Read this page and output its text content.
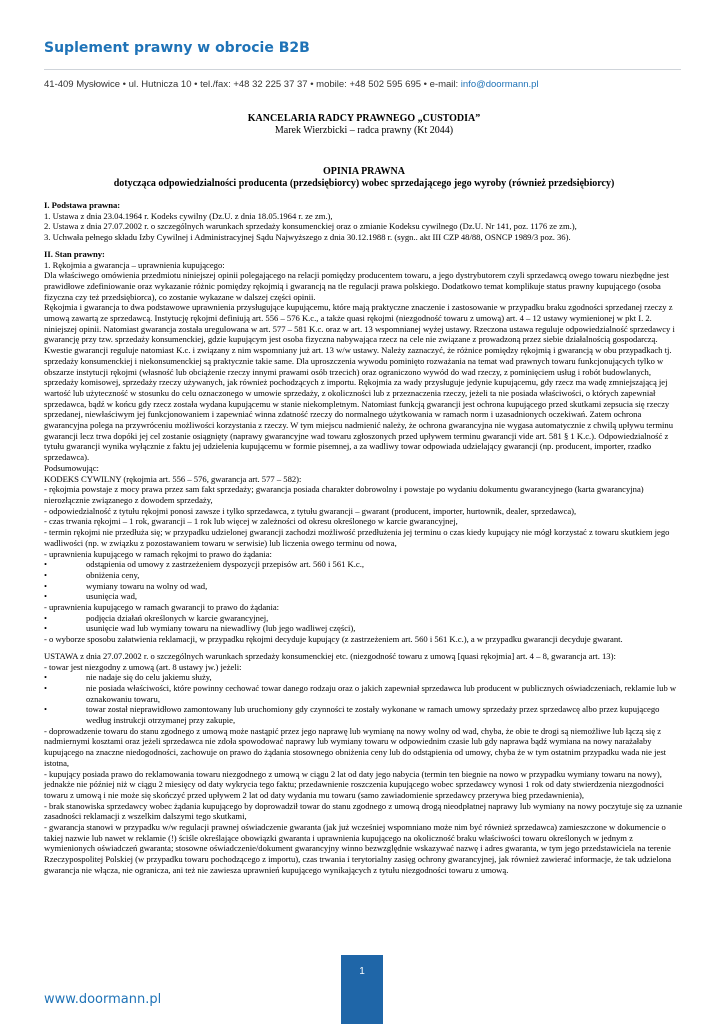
Suplement prawny w obrocie B2B
41-409 Mysłowice • ul. Hutnicza 10 • tel./fax: +48 32 225 37 37 • mobile: +48 502 595 695 • e-mail: info@doormann.pl
KANCELARIA RADCY PRAWNEGO „CUSTODIA”
Marek Wierzbicki – radca prawny (Kt 2044)
OPINIA PRAWNA
dotycząca odpowiedzialności producenta (przedsiębiorcy) wobec sprzedającego jego wyroby (również przedsiębiorcy)
I. Podstawa prawna:
1. Ustawa z dnia 23.04.1964 r. Kodeks cywilny (Dz.U. z dnia 18.05.1964 r. ze zm.),
2. Ustawa z dnia 27.07.2002 r. o szczególnych warunkach sprzedaży konsumenckiej oraz o zmianie Kodeksu cywilnego (Dz.U. Nr 141, poz. 1176 ze zm.),
3. Uchwała pełnego składu Izby Cywilnej i Administracyjnej Sądu Najwyższego z dnia 30.12.1988 r. (sygn.. akt III CZP 48/88, OSNCP 1989/3 poz. 36).
II. Stan prawny:
1. Rękojmia a gwarancja – uprawnienia kupującego:
Dla właściwego omówienia przedmiotu niniejszej opinii polegającego na relacji pomiędzy producentem towaru, a jego dystrybutorem czyli sprzedawcą owego towaru niezbędne jest prawidłowe zdefiniowanie oraz wykazanie różnic pomiędzy rękojmią i gwarancją na tle regulacji prawa polskiego. Dodatkowo temat komplikuje status prawny kupującego (osoba fizyczna czy też przedsiębiorca), co zostanie wykazane w dalszej części opinii.
Rękojmia i gwarancja to dwa podstawowe uprawnienia przysługujące kupującemu, które mają praktyczne znaczenie i zastosowanie w przypadku braku zgodności sprzedanej rzeczy z umową zawartą ze sprzedawcą. Instytucję rękojmi definiują art. 556 – 576 K.c., a także quasi rękojmi (niezgodność towaru z umową) art. 4 – 12 ustawy wymienionej w pkt I. 2. niniejszej opinii. Natomiast gwarancja została uregulowana w art. 577 – 581 K.c. oraz w art. 13 wspomnianej wyżej ustawy. Rzeczona ustawa reguluje odpowiedzialność sprzedawcy i gwarancję przy tzw. sprzedaży konsumenckiej, gdzie kupującym jest osoba fizyczna nabywająca rzecz na cele nie związane z prowadzoną przez siebie działalnością gospodarczą. Kwestie gwarancji reguluje natomiast K.c. i związany z nim wspomniany już art. 13 w/w ustawy. Należy zaznaczyć, że różnice pomiędzy rękojmią i gwarancją w obu przypadkach tj. sprzedaży konsumenckiej i niekonsumenckiej są praktycznie takie same. Dla uproszczenia wywodu pominięto rozważania na temat wad prawnych towaru funkcjonujących tylko w obszarze instytucji rękojmi (własność lub obciążenie rzeczy innymi prawami osób trzecich) oraz ograniczono wywód do wad rzeczy, z pominięciem usług i robót budowlanych, sprzedaży komisowej, sprzedaży rzeczy używanych, jak również pochodzących z importu. Rękojmia za wady przysługuje jedynie kupującemu, gdy rzecz ma wadę zmniejszającą jej wartość lub użyteczność w stosunku do celu oznaczonego w umowie sprzedaży, z okoliczności lub z przeznaczenia rzeczy, jeżeli ta nie posiada właściwości, o których zapewniał sprzedawca, bądź w końcu gdy rzecz została wydana kupującemu w stanie niekompletnym. Natomiast funkcją gwarancji jest ochrona kupującego przed skutkami zepsucia się rzeczy sprzedanej, niewłaściwym jej funkcjonowaniem i zapewniać winna zdatność rzeczy do normalnego użytkowania w ramach norm i uzasadnionych oczekiwań. Zatem ochrona gwarancyjna polega na przywróceniu możliwości korzystania z rzeczy. W tym miejscu nadmienić należy, że ochrona gwarancyjna nie wygasa automatycznie z chwilą upływu terminu gwarancji lecz trwa dopóki jej cel zostanie osiągnięty (naprawy gwarancyjne wad towaru zgłoszonych przed upływem terminu gwarancji vide art. 581 § 1 K.c.). Odpowiedzialność z tytułu gwarancji wynika wyłącznie z faktu jej udzielenia kupującemu w formie pisemnej, a za wadliwy towar odpowiada udzielający gwarancji (np. producent, importer, rzadko sprzedawca).
Podsumowując:
KODEKS CYWILNY (rękojmia art. 556 – 576, gwarancja art. 577 – 582):
- rękojmia powstaje z mocy prawa przez sam fakt sprzedaży; gwarancja posiada charakter dobrowolny i powstaje po wydaniu dokumentu gwarancyjnego (karta gwarancyjna) nierozłącznie związanego z dowodem sprzedaży,
- odpowiedzialność z tytułu rękojmi ponosi zawsze i tylko sprzedawca, z tytułu gwarancji – gwarant (producent, importer, hurtownik, dealer, sprzedawca),
- czas trwania rękojmi – 1 rok, gwarancji – 1 rok lub więcej w zależności od okresu określonego w karcie gwarancyjnej,
- termin rękojmi nie przedłuża się; w przypadku udzielonej gwarancji zachodzi możliwość przedłużenia jej terminu o czas kiedy kupujący nie mógł korzystać z towaru skutkiem jego wadliwości (np. w związku z pozostawaniem towaru w serwisie) lub liczenia owego terminu od nowa,
- uprawnienia kupującego w ramach rękojmi to prawo do żądania:
•	odstąpienia od umowy z zastrzeżeniem dyspozycji przepisów art. 560 i 561 K.c.,
•	obniżenia ceny,
•	wymiany towaru na wolny od wad,
•	usunięcia wad,
- uprawnienia kupującego w ramach gwarancji to prawo do żądania:
•	podjęcia działań określonych w karcie gwarancyjnej,
•	usunięcie wad lub wymiany towaru na niewadliwy (lub jego wadliwej części),
- o wyborze sposobu załatwienia reklamacji, w przypadku rękojmi decyduje kupujący (z zastrzeżeniem art. 560 i 561 K.c.), a w przypadku gwarancji decyduje gwarant.
USTAWA z dnia 27.07.2002 r. o szczególnych warunkach sprzedaży konsumenckiej etc. (niezgodność towaru z umową [quasi rękojmia] art. 4 – 8, gwarancja art. 13):
- towar jest niezgodny z umową (art. 8 ustawy jw.) jeżeli:
•	nie nadaje się do celu jakiemu służy,
•	nie posiada właściwości, które powinny cechować towar danego rodzaju oraz o jakich zapewniał sprzedawca lub producent w publicznych oświadczeniach, reklamie lub w oznakowaniu towaru,
•	towar został nieprawidłowo zamontowany lub uruchomiony gdy czynności te zostały wykonane w ramach umowy sprzedaży przez sprzedawcę albo przez kupującego według instrukcji otrzymanej przy zakupie,
- doprowadzenie towaru do stanu zgodnego z umową może nastąpić przez jego naprawę lub wymianę na nowy wolny od wad, chyba, że obie te drogi są niemożliwe lub łączą się z nadmiernymi kosztami oraz jeżeli sprzedawca nie zdoła spowodować naprawy lub wymiany towaru w odpowiednim czasie lub gdy naprawa bądź wymiana na nowy narażałaby kupującego na znaczne niedogodności, zachowuje on prawo do żądania stosownego obniżenia ceny lub do odstąpienia od umowy, chyba że w tym ostatnim przypadku wada nie jest istotna,
- kupujący posiada prawo do reklamowania towaru niezgodnego z umową w ciągu 2 lat od daty jego nabycia (termin ten biegnie na nowo w przypadku wymiany towaru na nowy), jednakże nie później niż w ciągu 2 miesięcy od daty wykrycia tego faktu; przedawnienie roszczenia kupującego wobec sprzedawcy wynosi 1 rok od daty stwierdzenia niezgodności towaru z umową i nie może się skończyć przed upływem 2 lat od daty wydania mu towaru (samo zawiadomienie sprzedawcy przerywa bieg przedawnienia),
- brak stanowiska sprzedawcy wobec żądania kupującego by doprowadził towar do stanu zgodnego z umową drogą nieodpłatnej naprawy lub wymiany na nowy poczytuje się za uznanie zasadności reklamacji z wszelkim dalszymi tego skutkami,
- gwarancja stanowi w przypadku w/w regulacji prawnej oświadczenie gwaranta (jak już wcześniej wspomniano może nim być również sprzedawca) zamieszczone w dokumencie o takiej nazwie lub nawet w reklamie (!) ściśle określające obowiązki gwaranta i uprawnienia kupującego na okoliczność braku właściwości towaru określonych w jednym z wymienionych oświadczeń gwaranta; stosowne oświadczenie/dokument gwarancyjny winno bezwzględnie wskazywać nazwę i adres gwaranta, w tym jego przedstawiciela na terenie Rzeczypospolitej Polskiej (w przypadku towaru pochodzącego z importu), czas trwania i terytorialny zasięg ochrony gwarancyjnej, jak również zawierać informacje, że tak udzielona gwarancja nie włącza, nie ogranicza, ani też nie zawiesza uprawnień kupującego wynikających z tytułu niezgodności towaru z umową.
www.doormann.pl
1
